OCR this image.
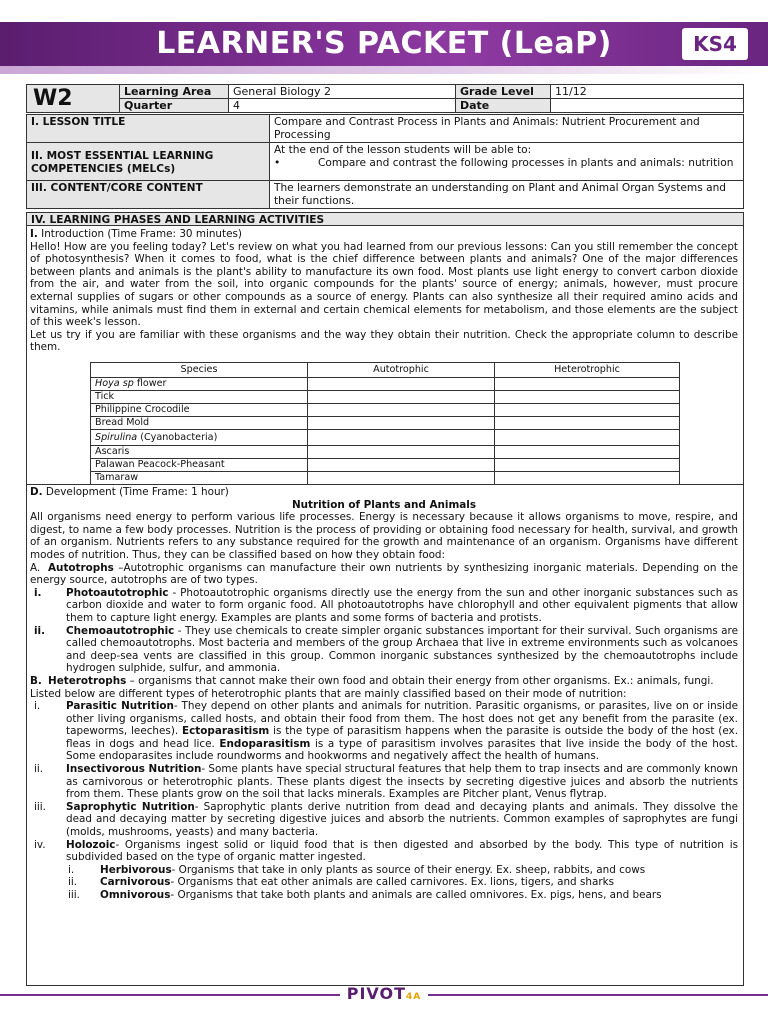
LEARNER'S PACKET (LeaP)	KS4
W2	Learning Area	General Biology 2	Grade Level	11/12
	Quarter	4	Date	
I. LESSON TITLE	Compare and Contrast Process in Plants and Animals: Nutrient Procurement and Processing

II. MOST ESSENTIAL LEARNING COMPETENCIES (MELCs)	At the end of the lesson students will be able to:
• Compare and contrast the following processes in plants and animals: nutrition

III. CONTENT/CORE CONTENT	The learners demonstrate an understanding on Plant and Animal Organ Systems and their functions.
IV. LEARNING PHASES AND LEARNING ACTIVITIES

I. Introduction (Time Frame: 30 minutes)

Hello! How are you feeling today? Let's review on what you had learned from our previous lessons: Can you still remember the concept of photosynthesis? When it comes to food, what is the chief difference between plants and animals? One of the major differences between plants and animals is the plant's ability to manufacture its own food. Most plants use light energy to convert carbon dioxide from the air, and water from the soil, into organic compounds for the plants' source of energy; animals, however, must procure external supplies of sugars or other compounds as a source of energy. Plants can also synthesize all their required amino acids and vitamins, while animals must find them in external and certain chemical elements for metabolism, and those elements are the subject of this week's lesson.

Let us try if you are familiar with these organisms and the way they obtain their nutrition. Check the appropriate column to describe them.

Species	Autotrophic	Heterotrophic
Hoya sp flower		
Tick		
Philippine Crocodile		
Bread Mold		
Spirulina (Cyanobacteria)		
Ascaris		
Palawan Peacock-Pheasant		
Tamaraw		

D. Development (Time Frame: 1 hour)

Nutrition of Plants and Animals

All organisms need energy to perform various life processes. Energy is necessary because it allows organisms to move, respire, and digest, to name a few body processes. Nutrition is the process of providing or obtaining food necessary for health, survival, and growth of an organism. Nutrients refers to any substance required for the growth and maintenance of an organism. Organisms have different modes of nutrition. Thus, they can be classified based on how they obtain food:

A. Autotrophs –Autotrophic organisms can manufacture their own nutrients by synthesizing inorganic materials. Depending on the energy source, autotrophs are of two types.

i. Photoautotrophic - Photoautotrophic organisms directly use the energy from the sun and other inorganic substances such as carbon dioxide and water to form organic food. All photoautotrophs have chlorophyll and other equivalent pigments that allow them to capture light energy. Examples are plants and some forms of bacteria and protists.

ii. Chemoautotrophic - They use chemicals to create simpler organic substances important for their survival. Such organisms are called chemoautotrophs. Most bacteria and members of the group Archaea that live in extreme environments such as volcanoes and deep-sea vents are classified in this group. Common inorganic substances synthesized by the chemoautotrophs include hydrogen sulphide, sulfur, and ammonia.

B. Heterotrophs – organisms that cannot make their own food and obtain their energy from other organisms. Ex.: animals, fungi.

Listed below are different types of heterotrophic plants that are mainly classified based on their mode of nutrition:

i. Parasitic Nutrition- They depend on other plants and animals for nutrition. Parasitic organisms, or parasites, live on or inside other living organisms, called hosts, and obtain their food from them. The host does not get any benefit from the parasite (ex. tapeworms, leeches). Ectoparasitism is the type of parasitism happens when the parasite is outside the body of the host (ex. fleas in dogs and head lice. Endoparasitism is a type of parasitism involves parasites that live inside the body of the host. Some endoparasites include roundworms and hookworms and negatively affect the health of humans.

ii. Insectivorous Nutrition- Some plants have special structural features that help them to trap insects and are commonly known as carnivorous or heterotrophic plants. These plants digest the insects by secreting digestive juices and absorb the nutrients from them. These plants grow on the soil that lacks minerals. Examples are Pitcher plant, Venus flytrap.

iii. Saprophytic Nutrition- Saprophytic plants derive nutrition from dead and decaying plants and animals. They dissolve the dead and decaying matter by secreting digestive juices and absorb the nutrients. Common examples of saprophytes are fungi (molds, mushrooms, yeasts) and many bacteria.

iv. Holozoic- Organisms ingest solid or liquid food that is then digested and absorbed by the body. This type of nutrition is subdivided based on the type of organic matter ingested.

i. Herbivorous- Organisms that take in only plants as source of their energy. Ex. sheep, rabbits, and cows

ii. Carnivorous- Organisms that eat other animals are called carnivores. Ex. lions, tigers, and sharks

iii. Omnivorous- Organisms that take both plants and animals are called omnivores. Ex. pigs, hens, and bears

PIVOT4A
